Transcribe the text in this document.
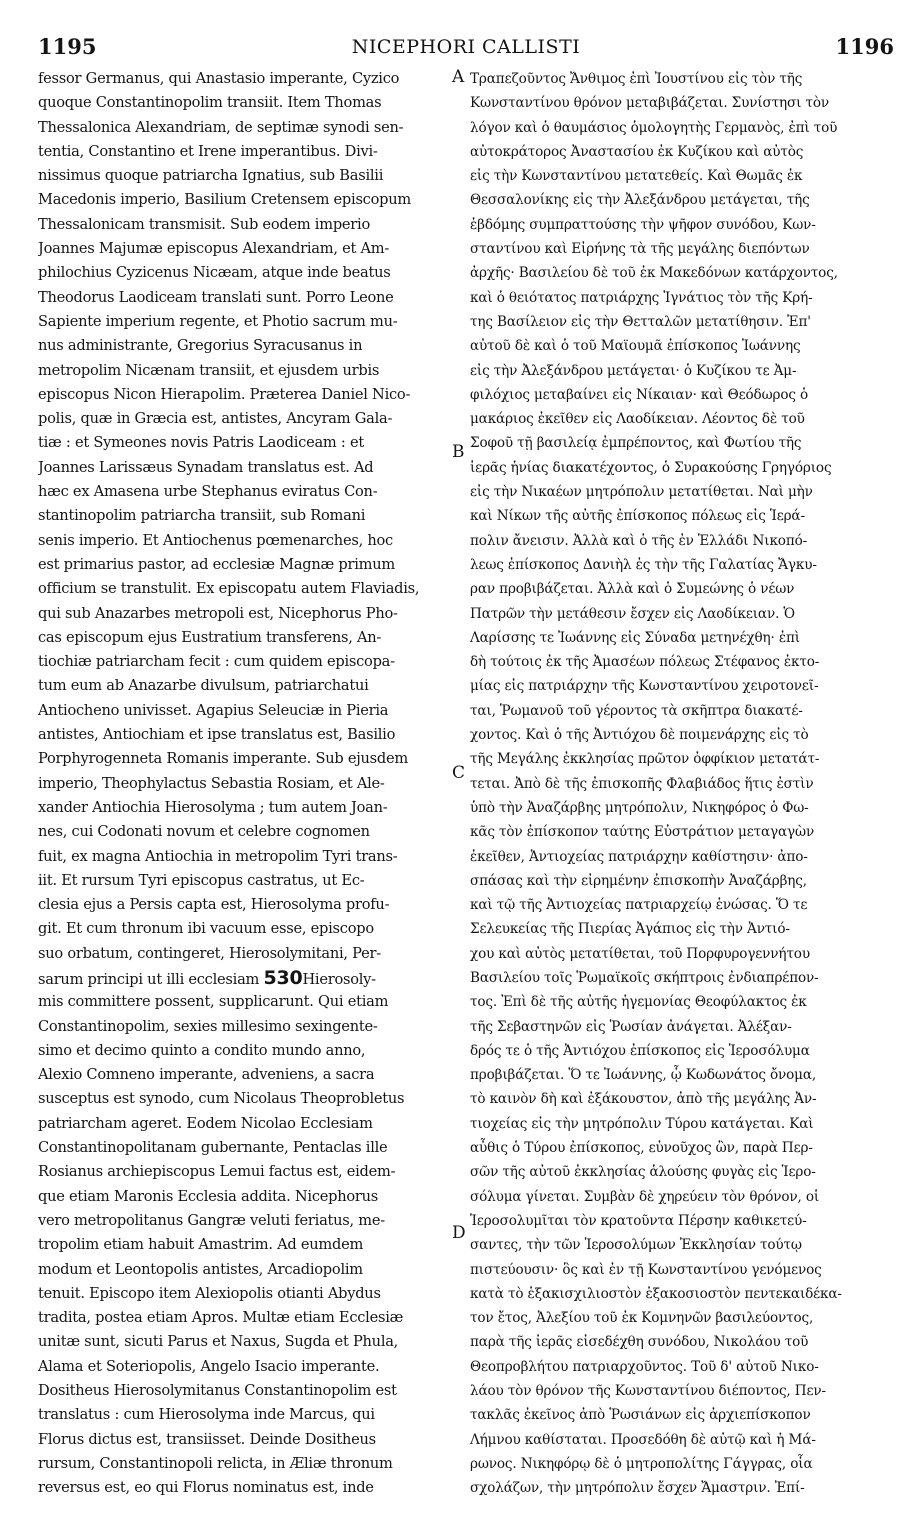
1195	NICEPHORI CALLISTI	1196
fessor Germanus, qui Anastasio imperante, Cyzico
quoque Constantinopolim transiit. Item Thomas
Thessalonica Alexandriam, de septimæ synodi sen-
tentia, Constantino et Irene imperantibus. Divi-
nissimus quoque patriarcha Ignatius, sub Basilii
Macedonis imperio, Basilium Cretensem episcopum
Thessalonicam transmisit. Sub eodem imperio
Joannes Majumæ episcopus Alexandriam, et Am-
philochius Cyzicenus Nicæam, atque inde beatus
Theodorus Laodiceam translati sunt. Porro Leone
Sapiente imperium regente, et Photio sacrum mu-
nus administrante, Gregorius Syracusanus in
metropolim Nicænam transiit, et ejusdem urbis
episcopus Nicon Hierapolim. Præterea Daniel Nico-
polis, quæ in Græcia est, antistes, Ancyram Gala-
tiæ : et Symeones novis Patris Laodiceam : et
Joannes Larissæus Synadam translatus est. Ad
hæc ex Amasena urbe Stephanus eviratus Con-
stantinopolim patriarcha transiit, sub Romani
senis imperio. Et Antiochenus pœmenarches, hoc
est primarius pastor, ad ecclesiæ Magnæ primum
officium se transtulit. Ex episcopatu autem Flaviadis,
qui sub Anazarbes metropoli est, Nicephorus Pho-
cas episcopum ejus Eustratium transferens, An-
tiochiæ patriarcham fecit : cum quidem episcopa-
tum eum ab Anazarbe divulsum, patriarchatui
Antiocheno univisset. Agapius Seleuciæ in Pieria
antistes, Antiochiam et ipse translatus est, Basilio
Porphyrogenneta Romanis imperante. Sub ejusdem
imperio, Theophylactus Sebastia Rosiam, et Ale-
xander Antiochia Hierosolyma ; tum autem Joan-
nes, cui Codonati novum et celebre cognomen
fuit, ex magna Antiochia in metropolim Tyri trans-
iit. Et rursum Tyri episcopus castratus, ut Ec-
clesia ejus a Persis capta est, Hierosolyma profu-
git. Et cum thronum ibi vacuum esse, episcopo
suo orbatum, contingeret, Hierosolymitani, Per-
sarum principi ut illi ecclesiam 530Hierosoly-
mis committere possent, supplicarunt. Qui etiam
Constantinopolim, sexies millesimo sexingente-
simo et decimo quinto a condito mundo anno,
Alexio Comneno imperante, adveniens, a sacra
susceptus est synodo, cum Nicolaus Theoprobletus
patriarcham ageret. Eodem Nicolao Ecclesiam
Constantinopolitanam gubernante, Pentaclas ille
Rosianus archiepiscopus Lemui factus est, eidem-
que etiam Maronis Ecclesia addita. Nicephorus
vero metropolitanus Gangræ veluti feriatus, me-
tropolim etiam habuit Amastrim. Ad eumdem
modum et Leontopolis antistes, Arcadiopolim
tenuit. Episcopo item Alexiopolis otianti Abydus
tradita, postea etiam Apros. Multæ etiam Ecclesiæ
unitæ sunt, sicuti Parus et Naxus, Sugda et Phula,
Alama et Soteriopolis, Angelo Isacio imperante.
Dositheus Hierosolymitanus Constantinopolim est
translatus : cum Hierosolyma inde Marcus, qui
Florus dictus est, transiisset. Deinde Dositheus
rursum, Constantinopoli relicta, in Æliæ thronum
reversus est, eo qui Florus nominatus est, inde
Τραπεζοῦντος Ἄνθιμος ἐπὶ Ἰουστίνου εἰς τὸν τῆς
Κωνσταντίνου θρόνον μεταβιβάζεται. Συνίστησι τὸν
λόγον καὶ ὁ θαυμάσιος ὁμολογητὴς Γερμανὸς, ἐπὶ τοῦ
αὐτοκράτορος Ἀναστασίου ἐκ Κυζίκου καὶ αὐτὸς
εἰς τὴν Κωνσταντίνου μετατεθείς. Καὶ Θωμᾶς ἐκ
Θεσσαλονίκης εἰς τὴν Ἀλεξάνδρου μετάγεται, τῆς
ἑβδόμης συμπραττούσης τὴν ψῆφον συνόδου, Κων-
σταντίνου καὶ Εἰρήνης τὰ τῆς μεγάλης διεπόντων
ἀρχῆς· Βασιλείου δὲ τοῦ ἐκ Μακεδόνων κατάρχοντος,
καὶ ὁ θειότατος πατριάρχης Ἰγνάτιος τὸν τῆς Κρή-
της Βασίλειον εἰς τὴν Θετταλῶν μετατίθησιν. Ἐπ'
αὐτοῦ δὲ καὶ ὁ τοῦ Μαϊουμᾶ ἐπίσκοπος Ἰωάννης
εἰς τὴν Ἀλεξάνδρου μετάγεται· ὁ Κυζίκου τε Ἀμ-
φιλόχιος μεταβαίνει εἰς Νίκαιαν· καὶ Θεόδωρος ὁ
μακάριος ἐκεῖθεν εἰς Λαοδίκειαν. Λέοντος δὲ τοῦ
Σοφοῦ τῇ βασιλείᾳ ἐμπρέποντος, καὶ Φωτίου τῆς
ἱερᾶς ἡνίας διακατέχοντος, ὁ Συρακούσης Γρηγόριος
εἰς τὴν Νικαέων μητρόπολιν μετατίθεται. Ναὶ μὴν
καὶ Νίκων τῆς αὐτῆς ἐπίσκοπος πόλεως εἰς Ἱερά-
πολιν ἄνεισιν. Ἀλλὰ καὶ ὁ τῆς ἐν Ἑλλάδι Νικοπό-
λεως ἐπίσκοπος Δανιὴλ ἐς τὴν τῆς Γαλατίας Ἄγκυ-
ραν προβιβάζεται. Ἀλλὰ καὶ ὁ Συμεώνης ὁ νέων
Πατρῶν τὴν μετάθεσιν ἔσχεν εἰς Λαοδίκειαν. Ὁ
Λαρίσσης τε Ἰωάννης εἰς Σύναδα μετηνέχθη· ἐπὶ
δὴ τούτοις ἐκ τῆς Ἀμασέων πόλεως Στέφανος ἐκτο-
μίας εἰς πατριάρχην τῆς Κωνσταντίνου χειροτονεῖ-
ται, Ῥωμανοῦ τοῦ γέροντος τὰ σκῆπτρα διακατέ-
χοντος. Καὶ ὁ τῆς Ἀντιόχου δὲ ποιμενάρχης εἰς τὸ
τῆς Μεγάλης ἐκκλησίας πρῶτον ὀφφίκιον μετατάτ-
τεται. Ἀπὸ δὲ τῆς ἐπισκοπῆς Φλαβιάδος ἥτις ἐστὶν
ὑπὸ τὴν Ἀναζάρβης μητρόπολιν, Νικηφόρος ὁ Φω-
κᾶς τὸν ἐπίσκοπον ταύτης Εὐστράτιον μεταγαγὼν
ἐκεῖθεν, Ἀντιοχείας πατριάρχην καθίστησιν· ἀπο-
σπάσας καὶ τὴν εἰρημένην ἐπισκοπὴν Ἀναζάρβης,
καὶ τῷ τῆς Ἀντιοχείας πατριαρχείῳ ἑνώσας. Ὅ τε
Σελευκείας τῆς Πιερίας Ἀγάπιος εἰς τὴν Ἀντιό-
χου καὶ αὐτὸς μετατίθεται, τοῦ Πορφυρογεννήτου
Βασιλείου τοῖς Ῥωμαϊκοῖς σκήπτροις ἐνδιαπρέπον-
τος. Ἐπὶ δὲ τῆς αὐτῆς ἡγεμονίας Θεοφύλακτος ἐκ
τῆς Σεβαστηνῶν εἰς Ῥωσίαν ἀνάγεται. Ἀλέξαν-
δρός τε ὁ τῆς Ἀντιόχου ἐπίσκοπος εἰς Ἱεροσόλυμα
προβιβάζεται. Ὅ τε Ἰωάννης, ᾧ Κωδωνάτος ὄνομα,
τὸ καινὸν δὴ καὶ ἐξάκουστον, ἀπὸ τῆς μεγάλης Ἀν-
τιοχείας εἰς τὴν μητρόπολιν Τύρου κατάγεται. Καὶ
αὖθις ὁ Τύρου ἐπίσκοπος, εὐνοῦχος ὢν, παρὰ Περ-
σῶν τῆς αὐτοῦ ἐκκλησίας ἁλούσης φυγὰς εἰς Ἱερο-
σόλυμα γίνεται. Συμβὰν δὲ χηρεύειν τὸν θρόνον, οἱ
Ἱεροσολυμῖται τὸν κρατοῦντα Πέρσην καθικετεύ-
σαντες, τὴν τῶν Ἱεροσολύμων Ἐκκλησίαν τούτῳ
πιστεύουσιν· ὃς καὶ ἐν τῇ Κωνσταντίνου γενόμενος
κατὰ τὸ ἑξακισχιλιοστὸν ἑξακοσιοστὸν πεντεκαιδέκα-
τον ἔτος, Ἀλεξίου τοῦ ἐκ Κομνηνῶν βασιλεύοντος,
παρὰ τῆς ἱερᾶς εἰσεδέχθη συνόδου, Νικολάου τοῦ
Θεοπροβλήτου πατριαρχοῦντος. Τοῦ δ' αὐτοῦ Νικο-
λάου τὸν θρόνον τῆς Κωνσταντίνου διέποντος, Πεν-
τακλᾶς ἐκεῖνος ἀπὸ Ῥωσιάνων εἰς ἀρχιεπίσκοπον
Λήμνου καθίσταται. Προσεδόθη δὲ αὐτῷ καὶ ἡ Μά-
ρωνος. Νικηφόρῳ δὲ ὁ μητροπολίτης Γάγγρας, οἷα
σχολάζων, τὴν μητρόπολιν ἔσχεν Ἄμαστριν. Ἐπί-
A
B
C
D
